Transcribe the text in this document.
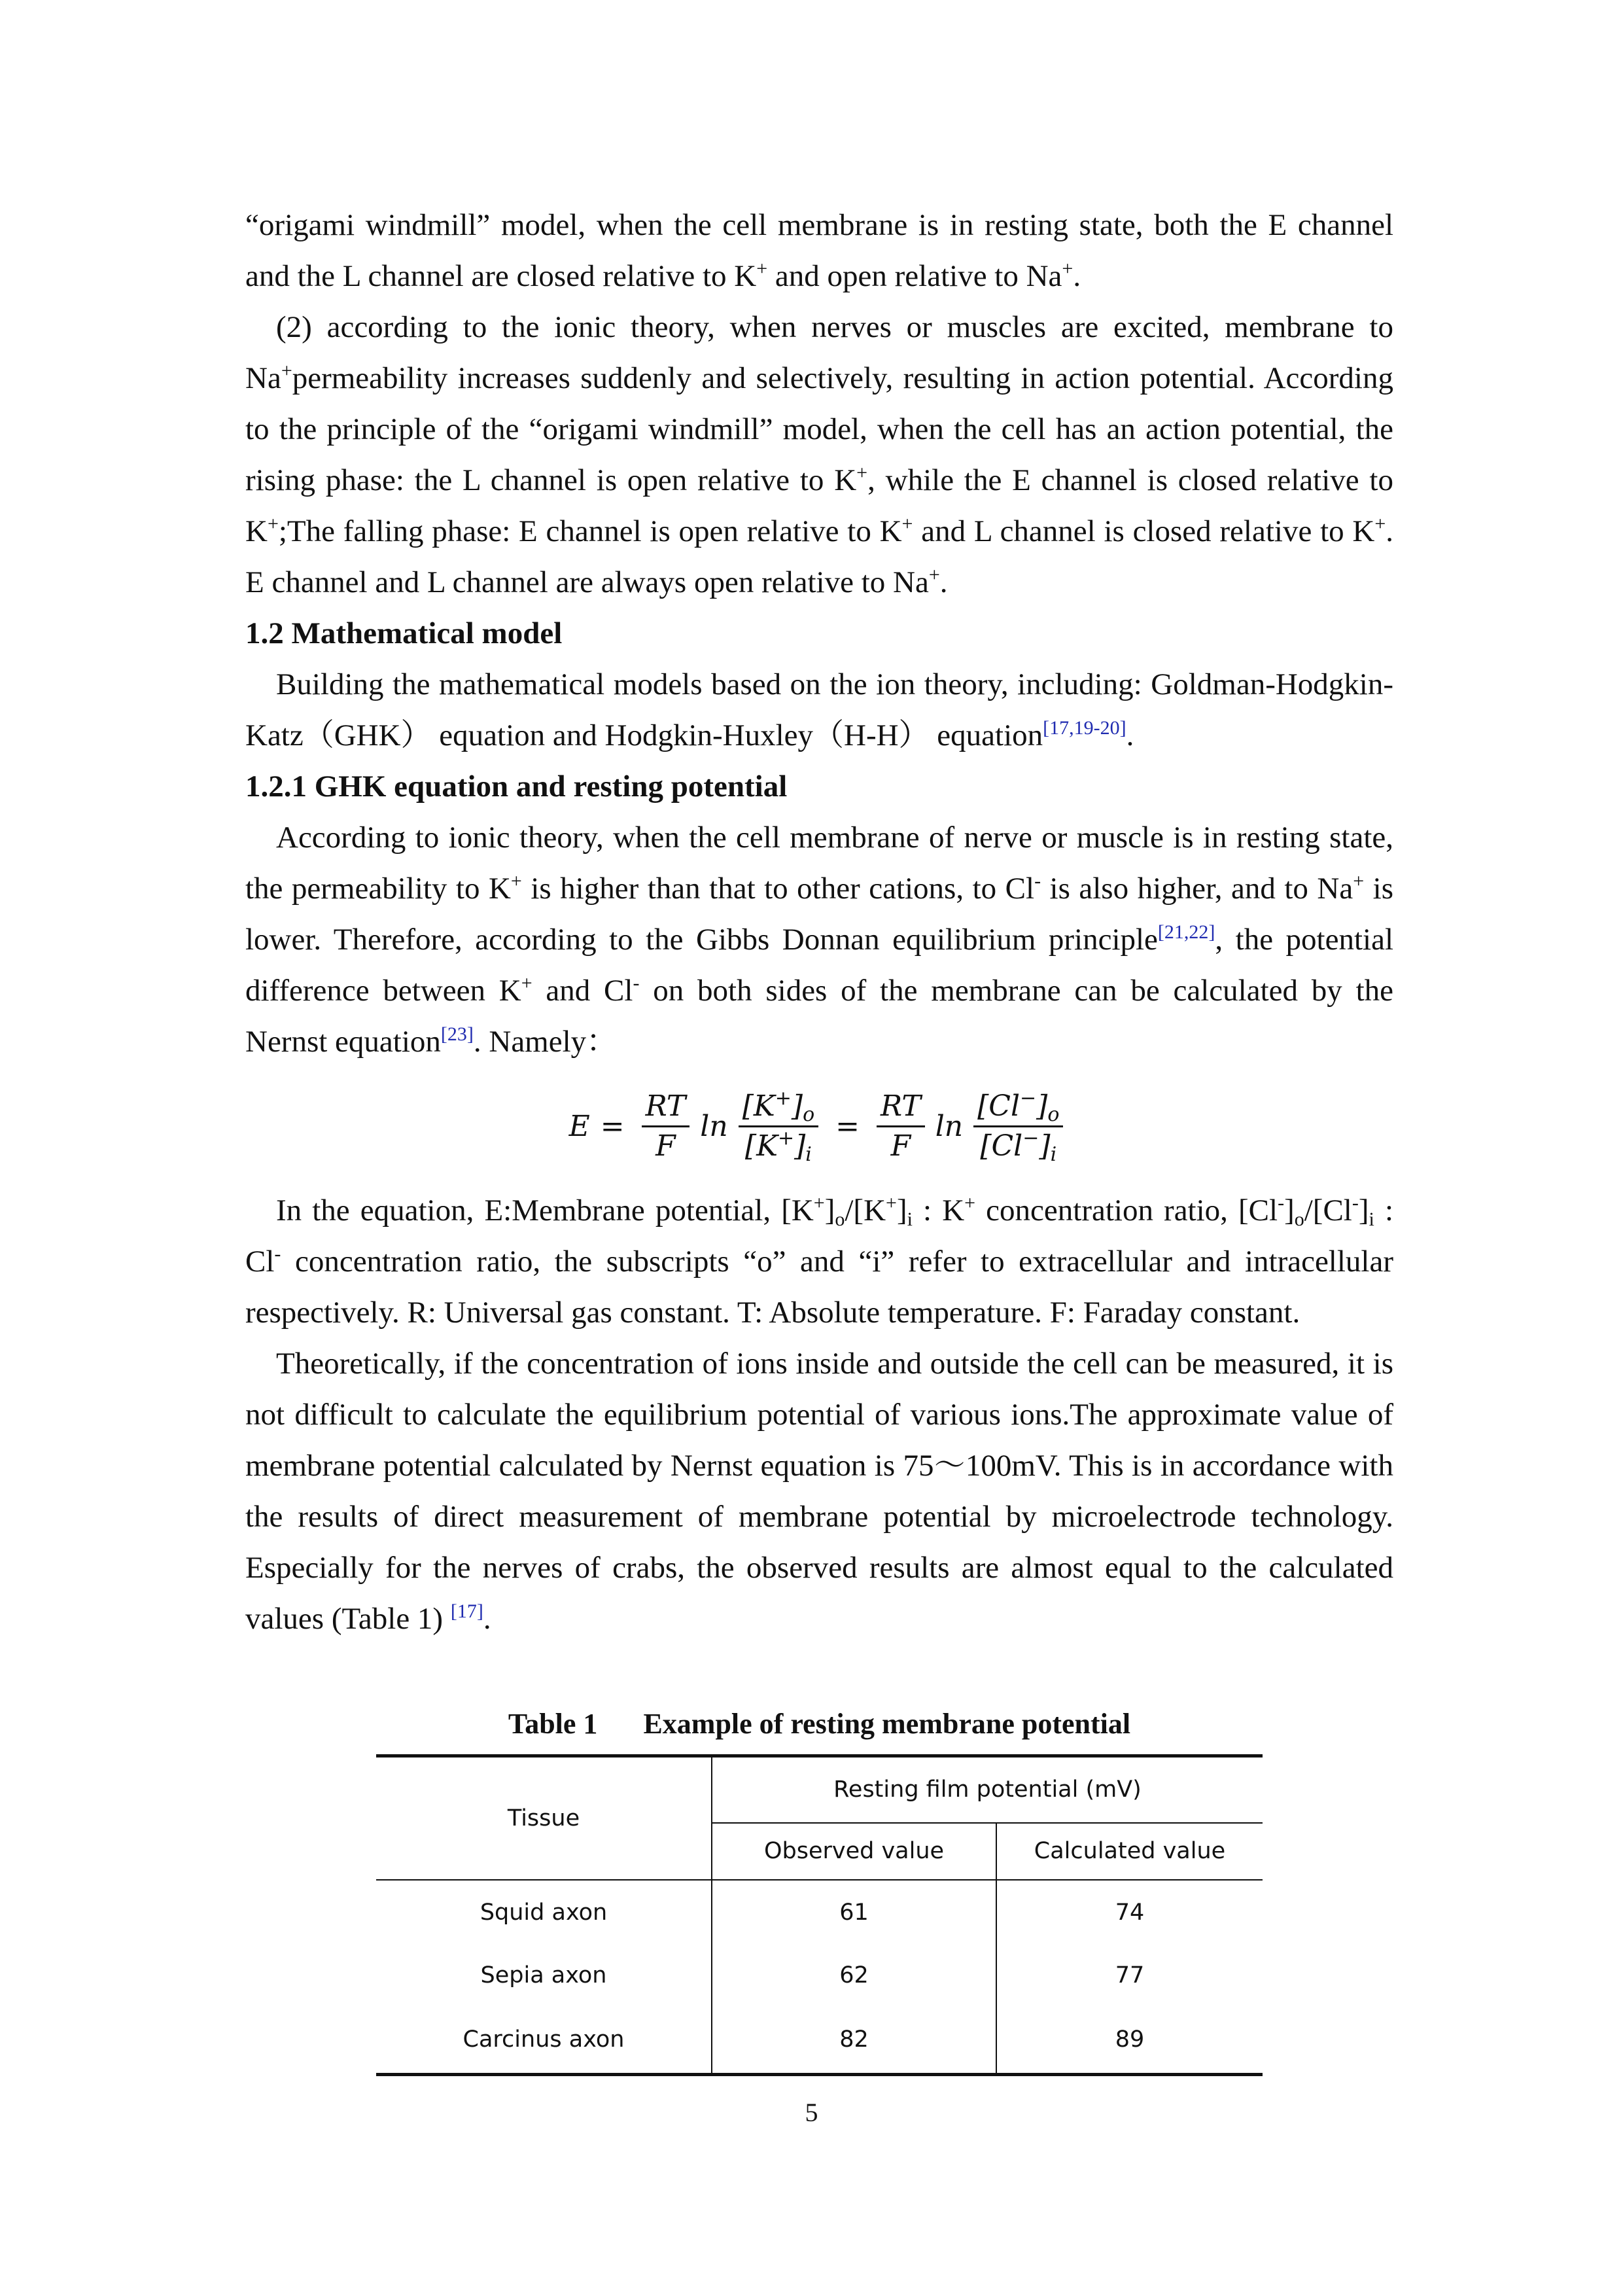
“origami windmill” model, when the cell membrane is in resting state, both the E channel and the L channel are closed relative to K+ and open relative to Na+.

(2) according to the ionic theory, when nerves or muscles are excited, membrane to Na+permeability increases suddenly and selectively, resulting in action potential. According to the principle of the “origami windmill” model, when the cell has an action potential, the rising phase: the L channel is open relative to K+, while the E channel is closed relative to K+;The falling phase: E channel is open relative to K+ and L channel is closed relative to K+. E channel and L channel are always open relative to Na+.

1.2 Mathematical model

Building the mathematical models based on the ion theory, including: Goldman-Hodgkin-Katz（GHK） equation and Hodgkin-Huxley（H-H） equation[17,19-20].

1.2.1 GHK equation and resting potential

According to ionic theory, when the cell membrane of nerve or muscle is in resting state, the permeability to K+ is higher than that to other cations, to Cl- is also higher, and to Na+ is lower. Therefore, according to the Gibbs Donnan equilibrium principle[21,22], the potential difference between K+ and Cl- on both sides of the membrane can be calculated by the Nernst equation[23]. Namely：

$E = \frac{RT}{F}$ $\ln \frac{[K^+]_o}{[K^+]_i} = \frac{RT}{F}$ $\ln \frac{[Cl^-]_o}{[Cl^-]_i}$

In the equation, E:Membrane potential, $[K^+]_o/[K^+]_i$ : K+ concentration ratio, $[Cl^-]_o/[Cl^-]_i$ : Cl- concentration ratio, the subscripts “o” and “i” refer to extracellular and intracellular respectively. R: Universal gas constant. T: Absolute temperature. F: Faraday constant.

Theoretically, if the concentration of ions inside and outside the cell can be measured, it is not difficult to calculate the equilibrium potential of various ions.The approximate value of membrane potential calculated by Nernst equation is 75～100mV. This is in accordance with the results of direct measurement of membrane potential by microelectrode technology. Especially for the nerves of crabs, the observed results are almost equal to the calculated values (Table 1) [17].

Table 1 Example of resting membrane potential
Tissue	Resting film potential (mV)	
	Observed value	Calculated value
Squid axon	61	74
Sepia axon	62	77
Carcinus axon	82	89
5
